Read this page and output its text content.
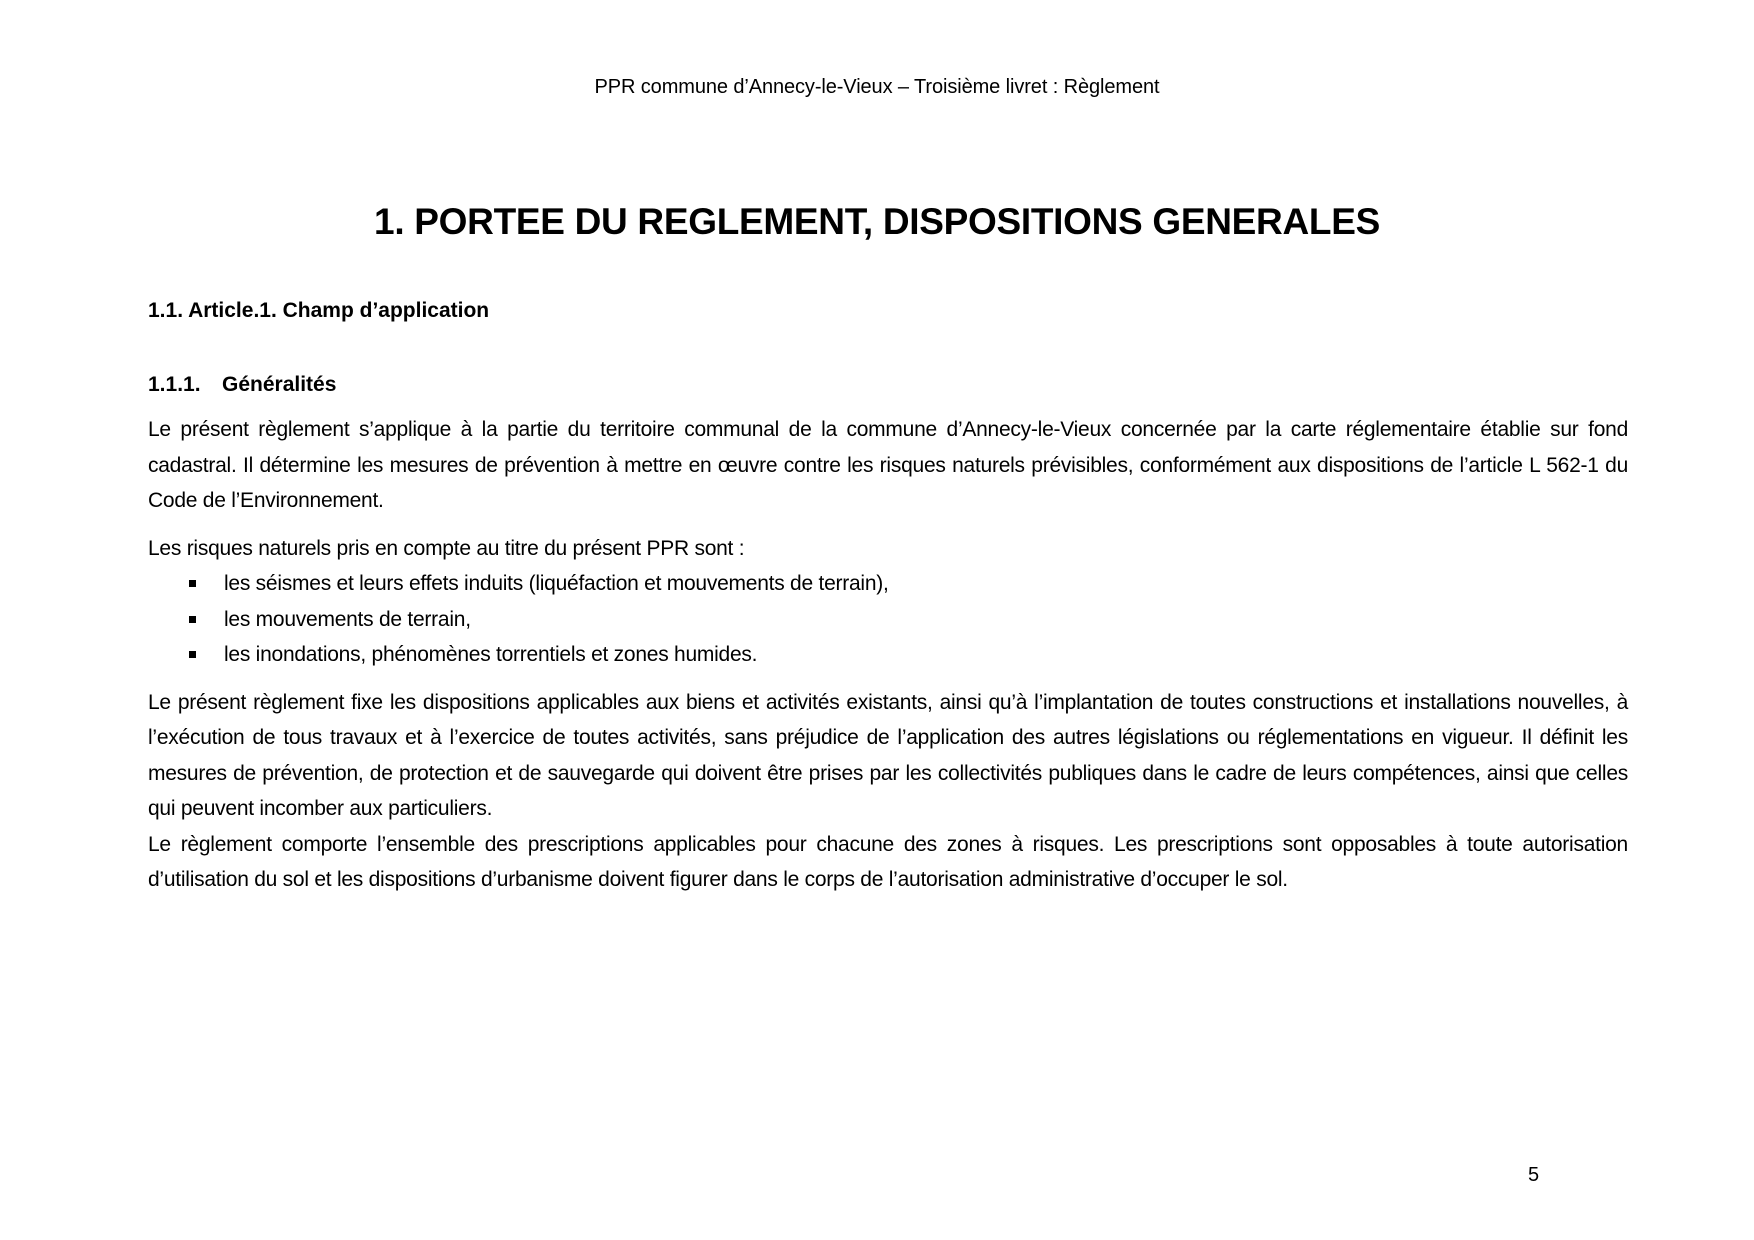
PPR commune d’Annecy-le-Vieux – Troisième livret : Règlement
1. PORTEE DU REGLEMENT, DISPOSITIONS GENERALES
1.1. Article.1. Champ d’application
1.1.1.	Généralités

Le présent règlement s’applique à la partie du territoire communal de la commune d’Annecy-le-Vieux concernée par la carte réglementaire établie sur fond cadastral. Il détermine les mesures de prévention à mettre en œuvre contre les risques naturels prévisibles, conformément aux dispositions de l’article L 562-1 du Code de l’Environnement.

Les risques naturels pris en compte au titre du présent PPR sont :

les séismes et leurs effets induits (liquéfaction et mouvements de terrain),
les mouvements de terrain,
les inondations, phénomènes torrentiels et zones humides.

Le présent règlement fixe les dispositions applicables aux biens et activités existants, ainsi qu’à l’implantation de toutes constructions et installations nouvelles, à l’exécution de tous travaux et à l’exercice de toutes activités, sans préjudice de l’application des autres législations ou réglementations en vigueur. Il définit les mesures de prévention, de protection et de sauvegarde qui doivent être prises par les collectivités publiques dans le cadre de leurs compétences, ainsi que celles qui peuvent incomber aux particuliers.

Le règlement comporte l’ensemble des prescriptions applicables pour chacune des zones à risques. Les prescriptions sont opposables à toute autorisation d’utilisation du sol et les dispositions d’urbanisme doivent figurer dans le corps de l’autorisation administrative d’occuper le sol.

5
